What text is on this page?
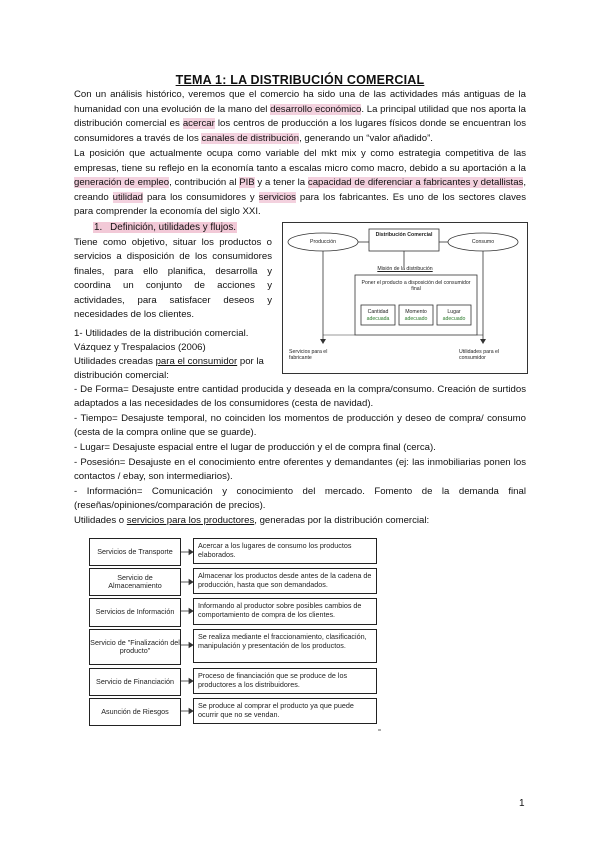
TEMA 1: LA DISTRIBUCIÓN COMERCIAL
Con un análisis histórico, veremos que el comercio ha sido una de las actividades más antiguas de la humanidad con una evolución de la mano del desarrollo económico. La principal utilidad que nos aporta la distribución comercial es acercar los centros de producción a los lugares físicos donde se encuentran los consumidores a través de los canales de distribución, generando un “valor añadido”.
La posición que actualmente ocupa como variable del mkt mix y como estrategia competitiva de las empresas, tiene su reflejo en la economía tanto a escalas micro como macro, debido a su aportación a la generación de empleo, contribución al PIB y a tener la capacidad de diferenciar a fabricantes y detallistas, creando utilidad para los consumidores y servicios para los fabricantes. Es uno de los sectores claves para comprender la economía del siglo XXI.
1. Definición, utilidades y flujos.
Tiene como objetivo, situar los productos o servicios a disposición de los consumidores finales, para ello planifica, desarrolla y coordina un conjunto de acciones y actividades, para satisfacer deseos y necesidades de los clientes.
1- Utilidades de la distribución comercial.
Vázquez y Trespalacios (2006)
Utilidades creadas para el consumidor por la
distribución comercial:
- De Forma= Desajuste entre cantidad producida y deseada en la compra/consumo. Creación de surtidos adaptados a las necesidades de los consumidores (cesta de navidad).
- Tiempo= Desajuste temporal, no coinciden los momentos de producción y deseo de compra/ consumo (cesta de la compra online que se guarde).
- Lugar= Desajuste espacial entre el lugar de producción y el de compra final (cerca).
- Posesión= Desajuste en el conocimiento entre oferentes y demandantes (ej: las inmobiliarias ponen los contactos / ebay, son intermediarios).
- Información= Comunicación y conocimiento del mercado. Fomento de la demanda final (reseñas/opiniones/comparación de precios).
Utilidades o servicios para los productores, generadas por la distribución comercial:
Producción
Distribución Comercial
Consumo
Misión de la distribución
Poner el producto a disposición del consumidor final
Cantidad
adecuada
Momento
adecuado
Lugar
adecuado
Servicios para el fabricante
Utilidades para el consumidor
Servicios de Transporte
Acercar a los lugares de consumo los productos elaborados.
Servicio de Almacenamiento
Almacenar los productos desde antes de la cadena de producción, hasta que son demandados.
Servicios de Información
Informando al productor sobre posibles cambios de comportamiento de compra de los clientes.
Servicio de "Finalización del producto"
Se realiza mediante el fraccionamiento, clasificación, manipulación y presentación de los productos.
Servicio de Financiación
Proceso de financiación que se produce de los productores a los distribuidores.
Asunción de Riesgos
Se produce al comprar el producto ya que puede ocurrir que no se vendan.
1
